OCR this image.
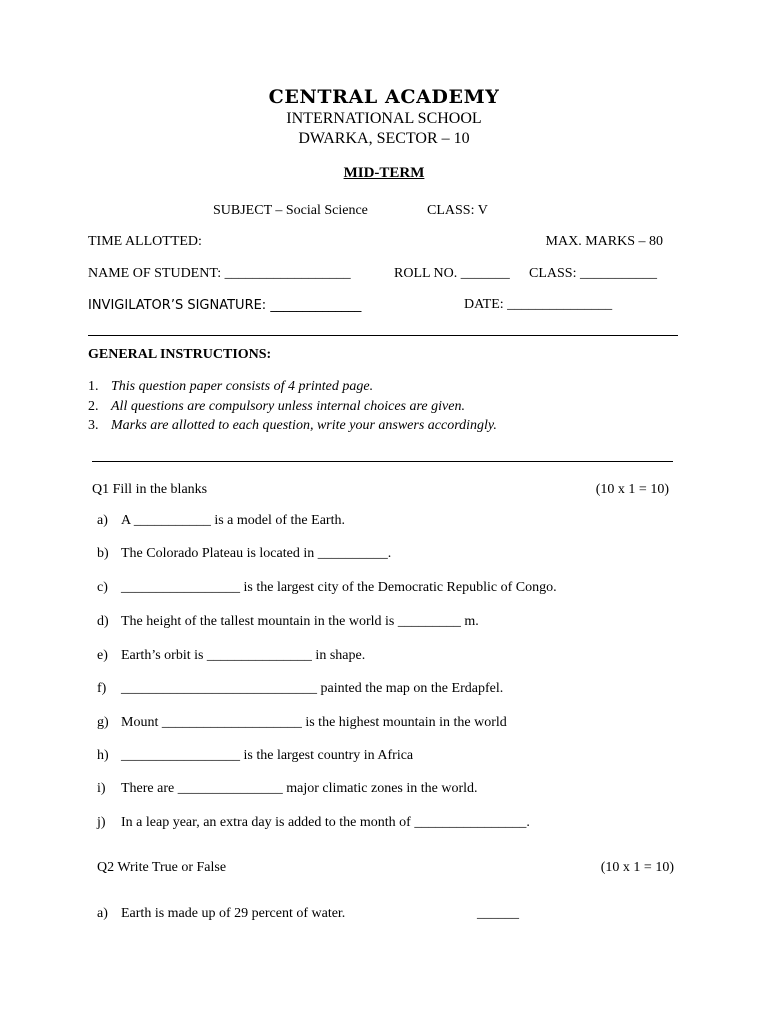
CENTRAL ACADEMY
INTERNATIONAL SCHOOL
DWARKA, SECTOR – 10
MID-TERM
SUBJECT – Social Science	CLASS: V
TIME ALLOTTED:	MAX. MARKS – 80
NAME OF STUDENT: __________________	ROLL NO. _______ CLASS: ___________
INVIGILATOR’S SIGNATURE: ______________	DATE: _______________
GENERAL INSTRUCTIONS:
1. This question paper consists of 4 printed page.
2. All questions are compulsory unless internal choices are given.
3. Marks are allotted to each question, write your answers accordingly.
Q1 Fill in the blanks	(10 x 1 = 10)
a) A ___________ is a model of the Earth.
b) The Colorado Plateau is located in __________.
c) _________________ is the largest city of the Democratic Republic of Congo.
d) The height of the tallest mountain in the world is _________ m.
e) Earth’s orbit is _______________ in shape.
f) ____________________________ painted the map on the Erdapfel.
g) Mount ____________________ is the highest mountain in the world
h) _________________ is the largest country in Africa
i) There are _______________ major climatic zones in the world.
j) In a leap year, an extra day is added to the month of ________________.
Q2 Write True or False	(10 x 1 = 10)
a) Earth is made up of 29 percent of water.	______
